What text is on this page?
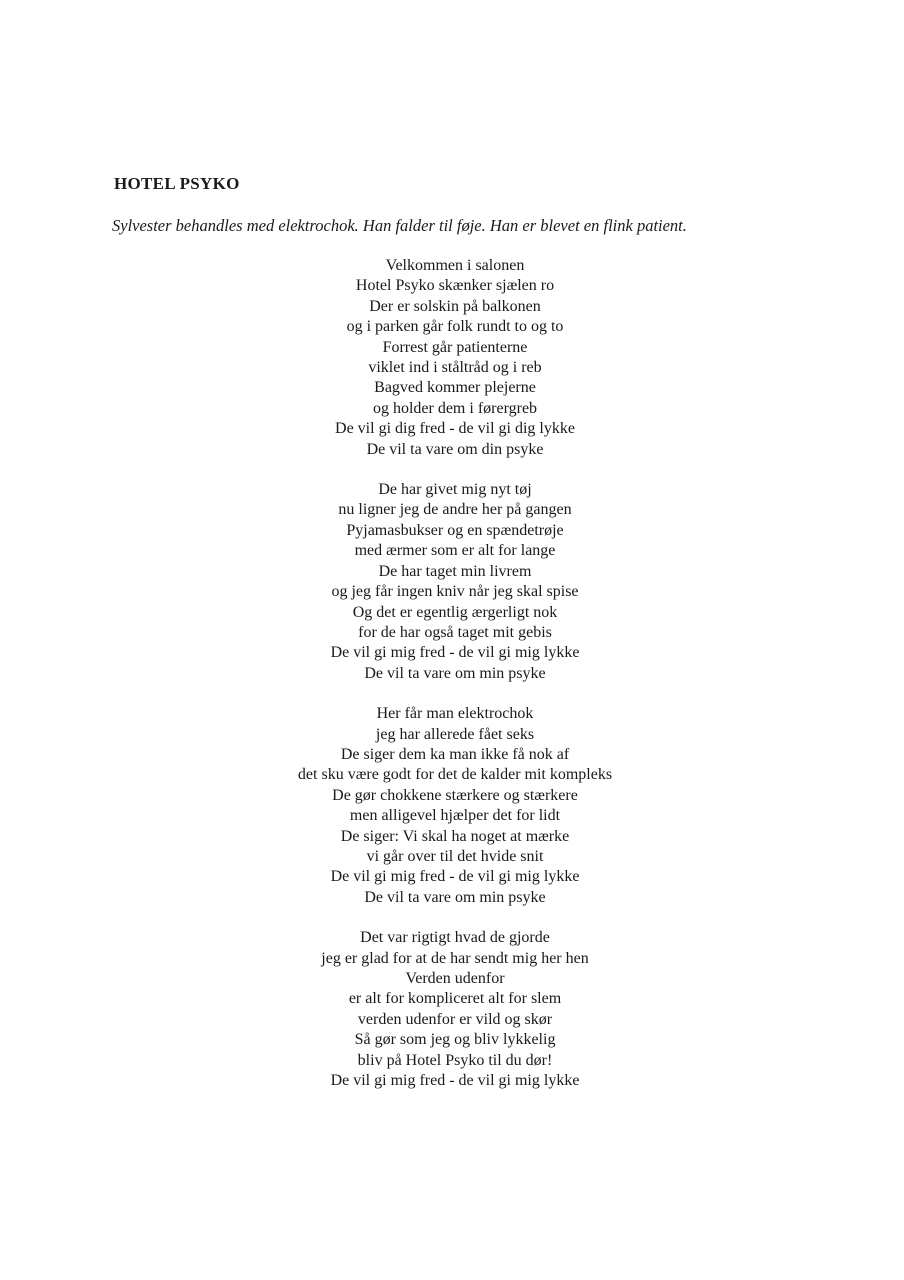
HOTEL PSYKO

Sylvester behandles med elektrochok. Han falder til føje. Han er blevet en flink patient.

Velkommen i salonen
Hotel Psyko skænker sjælen ro
Der er solskin på balkonen
og i parken går folk rundt to og to
Forrest går patienterne
viklet ind i ståltråd og i reb
Bagved kommer plejerne
og holder dem i førergreb
De vil gi dig fred - de vil gi dig lykke
De vil ta vare om din psyke
De har givet mig nyt tøj
nu ligner jeg de andre her på gangen
Pyjamasbukser og en spændetrøje
med ærmer som er alt for lange
De har taget min livrem
og jeg får ingen kniv når jeg skal spise
Og det er egentlig ærgerligt nok
for de har også taget mit gebis
De vil gi mig fred - de vil gi mig lykke
De vil ta vare om min psyke
Her får man elektrochok
jeg har allerede fået seks
De siger dem ka man ikke få nok af
det sku være godt for det de kalder mit kompleks
De gør chokkene stærkere og stærkere
men alligevel hjælper det for lidt
De siger: Vi skal ha noget at mærke
vi går over til det hvide snit
De vil gi mig fred - de vil gi mig lykke
De vil ta vare om min psyke
Det var rigtigt hvad de gjorde
jeg er glad for at de har sendt mig her hen
Verden udenfor
er alt for kompliceret alt for slem
verden udenfor er vild og skør
Så gør som jeg og bliv lykkelig
bliv på Hotel Psyko til du dør!
De vil gi mig fred - de vil gi mig lykke
